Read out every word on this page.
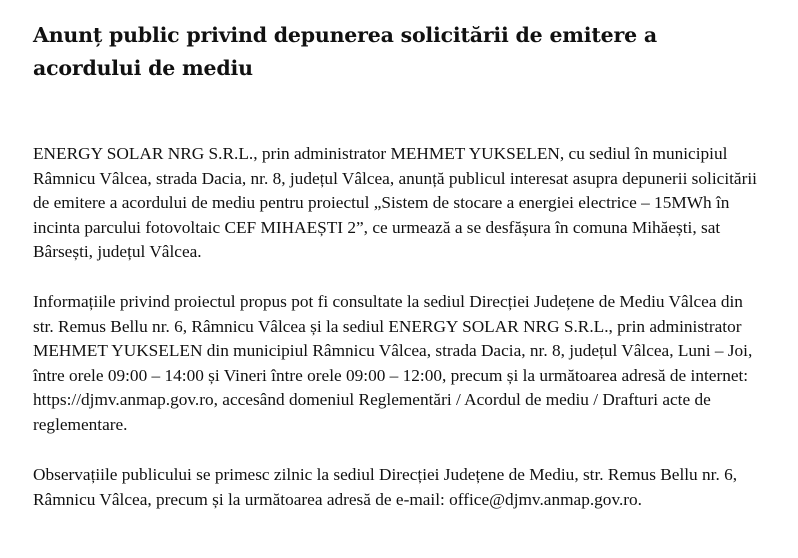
Anunț public privind depunerea solicitării de emitere a acordului de mediu

ENERGY SOLAR NRG S.R.L., prin administrator MEHMET YUKSELEN, cu sediul în municipiul Râmnicu Vâlcea, strada Dacia, nr. 8, județul Vâlcea, anunță publicul interesat asupra depunerii solicitării de emitere a acordului de mediu pentru proiectul „Sistem de stocare a energiei electrice – 15MWh în incinta parcului fotovoltaic CEF MIHAEȘTI 2”, ce urmează a se desfășura în comuna Mihăești, sat Bârsești, județul Vâlcea.

Informațiile privind proiectul propus pot fi consultate la sediul Direcției Județene de Mediu Vâlcea din str. Remus Bellu nr. 6, Râmnicu Vâlcea și la sediul ENERGY SOLAR NRG S.R.L., prin administrator MEHMET YUKSELEN din municipiul Râmnicu Vâlcea, strada Dacia, nr. 8, județul Vâlcea, Luni – Joi, între orele 09:00 – 14:00 și Vineri între orele 09:00 – 12:00, precum și la următoarea adresă de internet: https://djmv.anmap.gov.ro, accesând domeniul Reglementări / Acordul de mediu / Drafturi acte de reglementare.

Observațiile publicului se primesc zilnic la sediul Direcției Județene de Mediu, str. Remus Bellu nr. 6, Râmnicu Vâlcea, precum și la următoarea adresă de e-mail: office@djmv.anmap.gov.ro.
